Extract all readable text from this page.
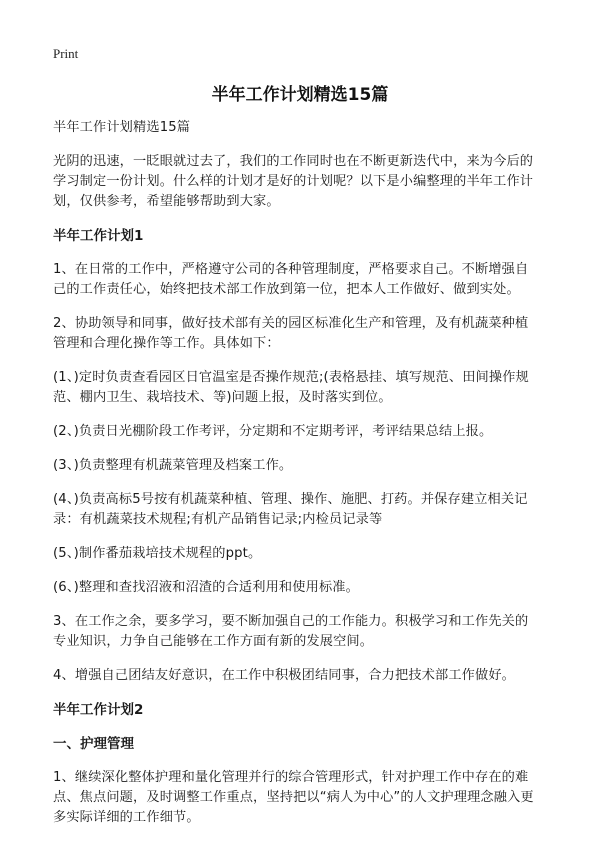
Print
半年工作计划精选15篇
半年工作计划精选15篇
光阴的迅速，一眨眼就过去了，我们的工作同时也在不断更新迭代中，来为今后的
学习制定一份计划。什么样的计划才是好的计划呢？以下是小编整理的半年工作计
划，仅供参考，希望能够帮助到大家。
半年工作计划1
1、在日常的工作中，严格遵守公司的各种管理制度，严格要求自己。不断增强自
己的工作责任心，始终把技术部工作放到第一位，把本人工作做好、做到实处。
2、协助领导和同事，做好技术部有关的园区标准化生产和管理，及有机蔬菜种植
管理和合理化操作等工作。具体如下：
(1、)定时负责查看园区日官温室是否操作规范;(表格悬挂、填写规范、田间操作规
范、棚内卫生、栽培技术、等)问题上报，及时落实到位。
(2、)负责日光棚阶段工作考评，分定期和不定期考评，考评结果总结上报。
(3、)负责整理有机蔬菜管理及档案工作。
(4、)负责高标5号按有机蔬菜种植、管理、操作、施肥、打药。并保存建立相关记
录：有机蔬菜技术规程;有机产品销售记录;内检员记录等
(5、)制作番茄栽培技术规程的ppt。
(6、)整理和查找沼液和沼渣的合适利用和使用标准。
3、在工作之余，要多学习，要不断加强自己的工作能力。积极学习和工作先关的
专业知识，力争自己能够在工作方面有新的发展空间。
4、增强自己团结友好意识，在工作中积极团结同事，合力把技术部工作做好。
半年工作计划2
一、护理管理
1、继续深化整体护理和量化管理并行的综合管理形式，针对护理工作中存在的难
点、焦点问题，及时调整工作重点，坚持把以“病人为中心”的人文护理理念融入更
多实际详细的工作细节。
